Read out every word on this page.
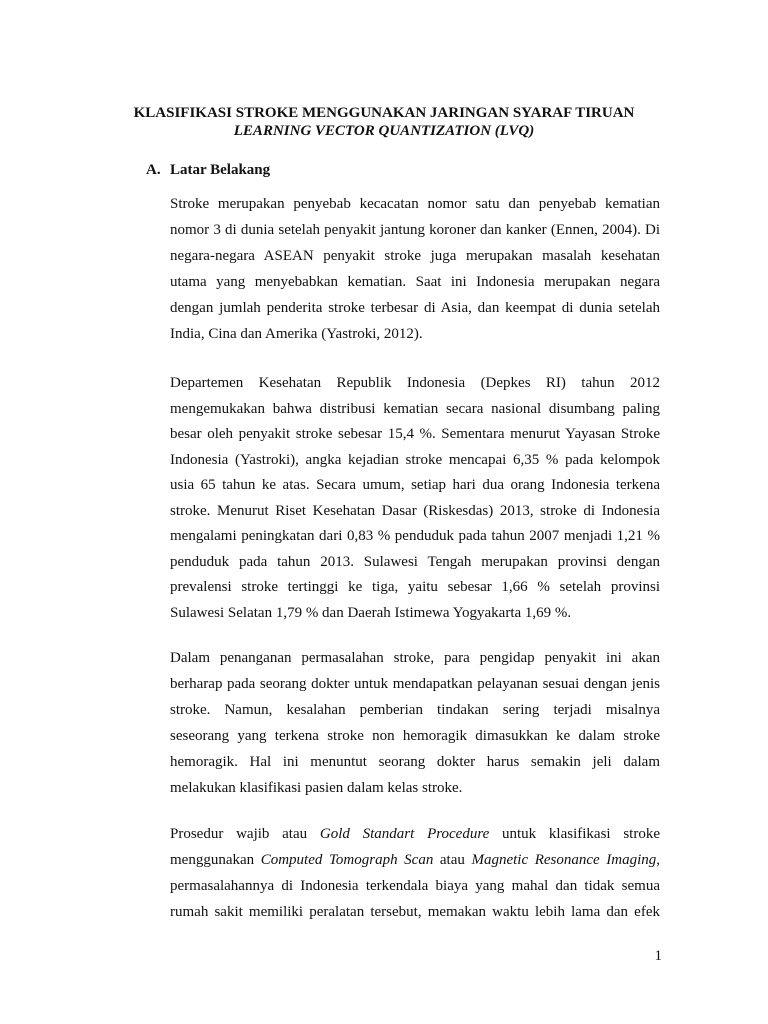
KLASIFIKASI STROKE MENGGUNAKAN JARINGAN SYARAF TIRUAN
LEARNING VECTOR QUANTIZATION (LVQ)
A. Latar Belakang
Stroke merupakan penyebab kecacatan nomor satu dan penyebab kematian
nomor 3 di dunia setelah penyakit jantung koroner dan kanker (Ennen, 2004). Di
negara-negara ASEAN penyakit stroke juga merupakan masalah kesehatan
utama yang menyebabkan kematian. Saat ini Indonesia merupakan negara
dengan jumlah penderita stroke terbesar di Asia, dan keempat di dunia setelah
India, Cina dan Amerika (Yastroki, 2012).
Departemen Kesehatan Republik Indonesia (Depkes RI) tahun 2012
mengemukakan bahwa distribusi kematian secara nasional disumbang paling
besar oleh penyakit stroke sebesar 15,4 %. Sementara menurut Yayasan Stroke
Indonesia (Yastroki), angka kejadian stroke mencapai 6,35 % pada kelompok
usia 65 tahun ke atas. Secara umum, setiap hari dua orang Indonesia terkena
stroke. Menurut Riset Kesehatan Dasar (Riskesdas) 2013, stroke di Indonesia
mengalami peningkatan dari 0,83 % penduduk pada tahun 2007 menjadi 1,21 %
penduduk pada tahun 2013. Sulawesi Tengah merupakan provinsi dengan
prevalensi stroke tertinggi ke tiga, yaitu sebesar 1,66 % setelah provinsi
Sulawesi Selatan 1,79 % dan Daerah Istimewa Yogyakarta 1,69 %.
Dalam penanganan permasalahan stroke, para pengidap penyakit ini akan
berharap pada seorang dokter untuk mendapatkan pelayanan sesuai dengan jenis
stroke. Namun, kesalahan pemberian tindakan sering terjadi misalnya
seseorang yang terkena stroke non hemoragik dimasukkan ke dalam stroke
hemoragik. Hal ini menuntut seorang dokter harus semakin jeli dalam
melakukan klasifikasi pasien dalam kelas stroke.
Prosedur wajib atau Gold Standart Procedure untuk klasifikasi stroke
menggunakan Computed Tomograph Scan atau Magnetic Resonance Imaging,
permasalahannya di Indonesia terkendala biaya yang mahal dan tidak semua
rumah sakit memiliki peralatan tersebut, memakan waktu lebih lama dan efek
1
